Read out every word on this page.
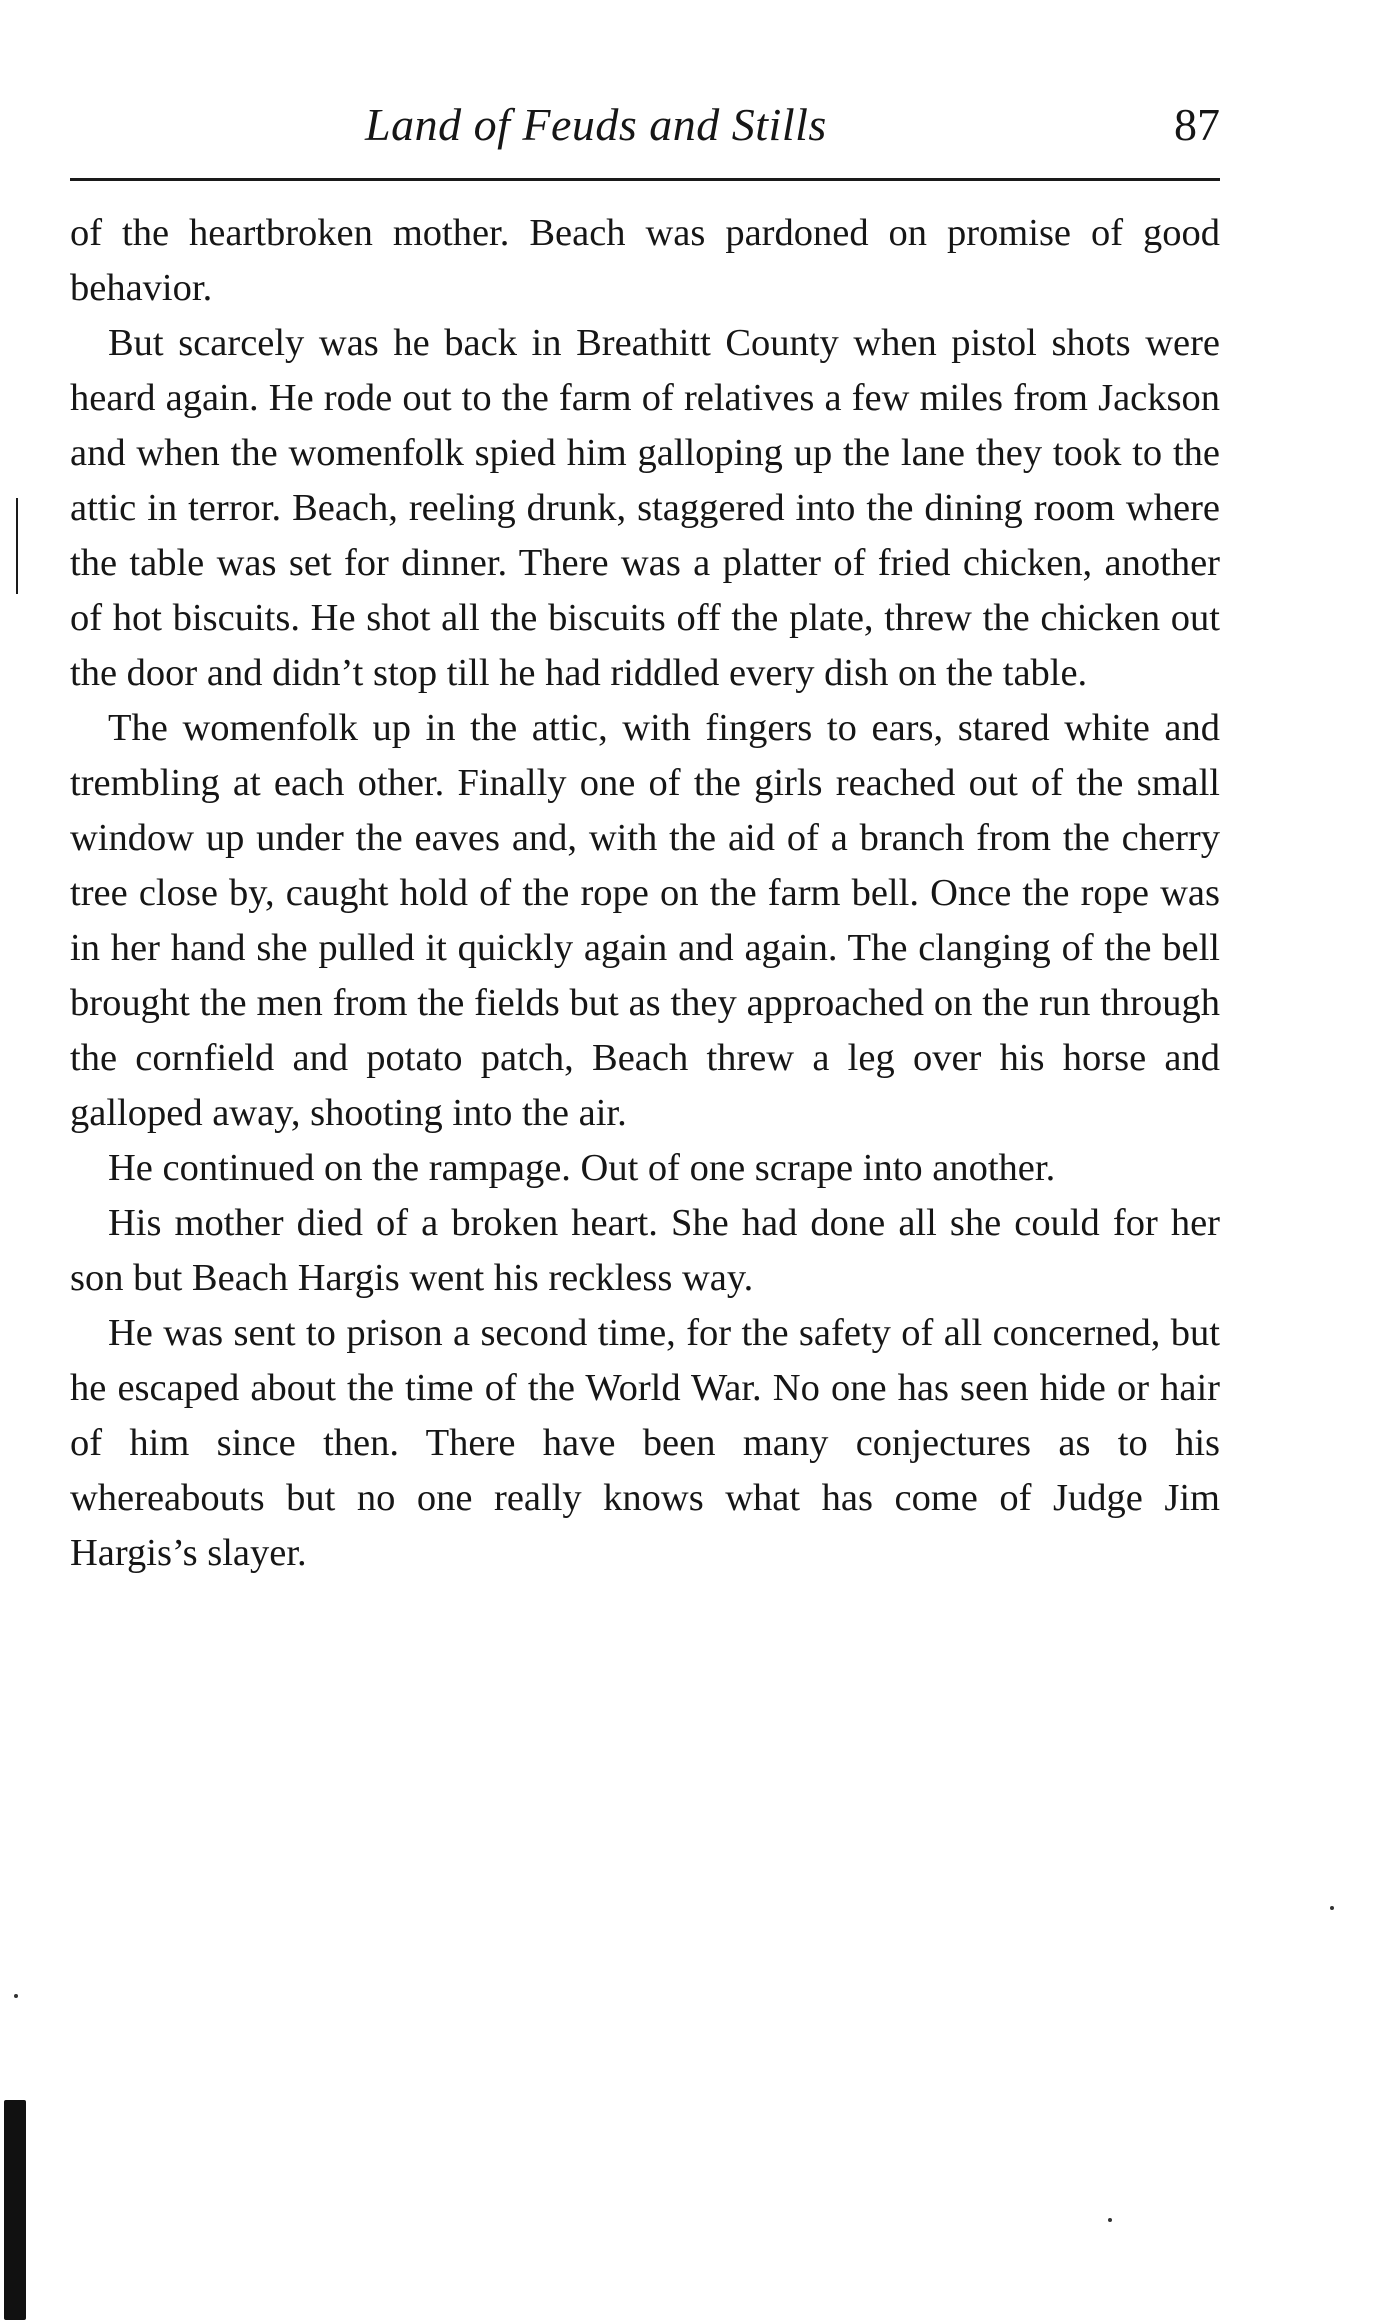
Land of Feuds and Stills	87

of the heartbroken mother. Beach was pardoned on promise of good behavior.

But scarcely was he back in Breathitt County when pistol shots were heard again. He rode out to the farm of relatives a few miles from Jackson and when the womenfolk spied him galloping up the lane they took to the attic in terror. Beach, reeling drunk, staggered into the dining room where the table was set for dinner. There was a platter of fried chicken, another of hot biscuits. He shot all the biscuits off the plate, threw the chicken out the door and didn’t stop till he had riddled every dish on the table.

The womenfolk up in the attic, with fingers to ears, stared white and trembling at each other. Finally one of the girls reached out of the small window up under the eaves and, with the aid of a branch from the cherry tree close by, caught hold of the rope on the farm bell. Once the rope was in her hand she pulled it quickly again and again. The clanging of the bell brought the men from the fields but as they approached on the run through the cornfield and potato patch, Beach threw a leg over his horse and galloped away, shooting into the air.

He continued on the rampage. Out of one scrape into another.

His mother died of a broken heart. She had done all she could for her son but Beach Hargis went his reckless way.

He was sent to prison a second time, for the safety of all concerned, but he escaped about the time of the World War. No one has seen hide or hair of him since then. There have been many conjectures as to his whereabouts but no one really knows what has come of Judge Jim Hargis’s slayer.
